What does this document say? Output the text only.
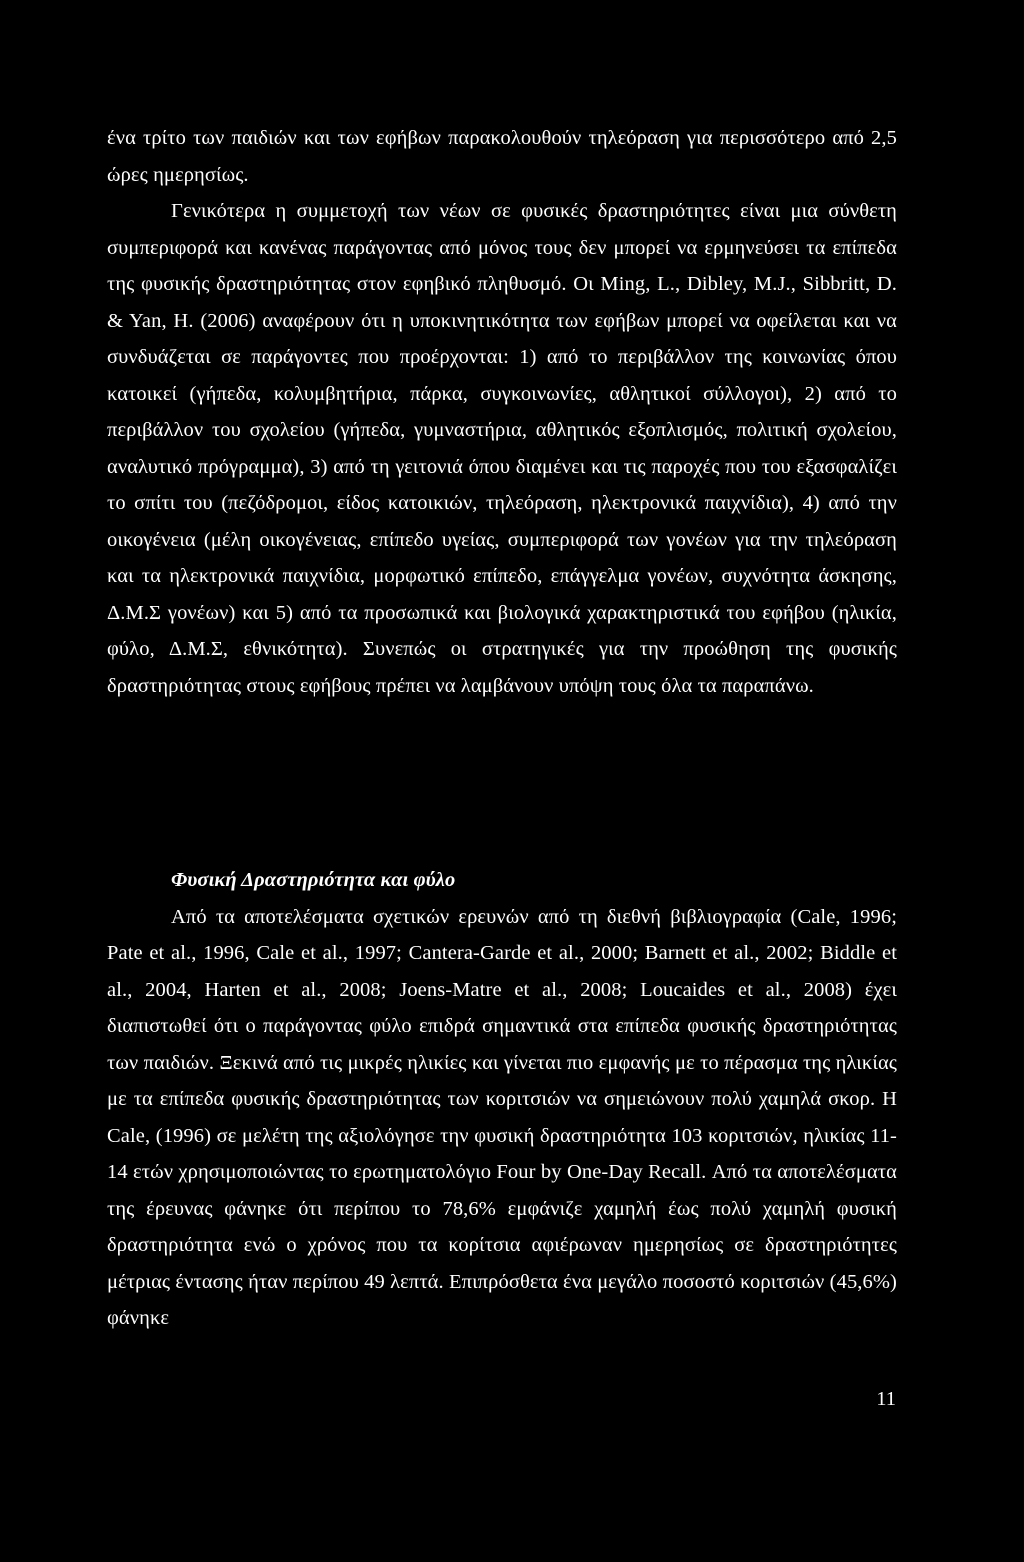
ένα τρίτο των παιδιών και των εφήβων παρακολουθούν τηλεόραση για περισσότερο από 2,5 ώρες ημερησίως.

Γενικότερα η συμμετοχή των νέων σε φυσικές δραστηριότητες είναι μια σύνθετη συμπεριφορά και κανένας παράγοντας από μόνος τους δεν μπορεί να ερμηνεύσει τα επίπεδα της φυσικής δραστηριότητας στον εφηβικό πληθυσμό. Οι Ming, L., Dibley, M.J., Sibbritt, D. & Yan, H. (2006) αναφέρουν ότι η υποκινητικότητα των εφήβων μπορεί να οφείλεται και να συνδυάζεται σε παράγοντες που προέρχονται: 1) από το περιβάλλον της κοινωνίας όπου κατοικεί (γήπεδα, κολυμβητήρια, πάρκα, συγκοινωνίες, αθλητικοί σύλλογοι), 2) από το περιβάλλον του σχολείου (γήπεδα, γυμναστήρια, αθλητικός εξοπλισμός, πολιτική σχολείου, αναλυτικό πρόγραμμα), 3) από τη γειτονιά όπου διαμένει και τις παροχές που του εξασφαλίζει το σπίτι του (πεζόδρομοι, είδος κατοικιών, τηλεόραση, ηλεκτρονικά παιχνίδια), 4) από την οικογένεια (μέλη οικογένειας, επίπεδο υγείας, συμπεριφορά των γονέων για την τηλεόραση και τα ηλεκτρονικά παιχνίδια, μορφωτικό επίπεδο, επάγγελμα γονέων, συχνότητα άσκησης, Δ.Μ.Σ γονέων) και 5) από τα προσωπικά και βιολογικά χαρακτηριστικά του εφήβου (ηλικία, φύλο, Δ.Μ.Σ, εθνικότητα). Συνεπώς οι στρατηγικές για την προώθηση της φυσικής δραστηριότητας στους εφήβους πρέπει να λαμβάνουν υπόψη τους όλα τα παραπάνω.

Φυσική Δραστηριότητα και φύλο

Από τα αποτελέσματα σχετικών ερευνών από τη διεθνή βιβλιογραφία (Cale, 1996; Pate et al., 1996, Cale et al., 1997; Cantera-Garde et al., 2000; Barnett et al., 2002; Biddle et al., 2004, Harten et al., 2008; Joens-Matre et al., 2008; Loucaides et al., 2008) έχει διαπιστωθεί ότι ο παράγοντας φύλο επιδρά σημαντικά στα επίπεδα φυσικής δραστηριότητας των παιδιών. Ξεκινά από τις μικρές ηλικίες και γίνεται πιο εμφανής με το πέρασμα της ηλικίας με τα επίπεδα φυσικής δραστηριότητας των κοριτσιών να σημειώνουν πολύ χαμηλά σκορ. Η Cale, (1996) σε μελέτη της αξιολόγησε την φυσική δραστηριότητα 103 κοριτσιών, ηλικίας 11-14 ετών χρησιμοποιώντας το ερωτηματολόγιο Four by One-Day Recall. Από τα αποτελέσματα της έρευνας φάνηκε ότι περίπου το 78,6% εμφάνιζε χαμηλή έως πολύ χαμηλή φυσική δραστηριότητα ενώ ο χρόνος που τα κορίτσια αφιέρωναν ημερησίως σε δραστηριότητες μέτριας έντασης ήταν περίπου 49 λεπτά. Επιπρόσθετα ένα μεγάλο ποσοστό κοριτσιών (45,6%) φάνηκε

11
